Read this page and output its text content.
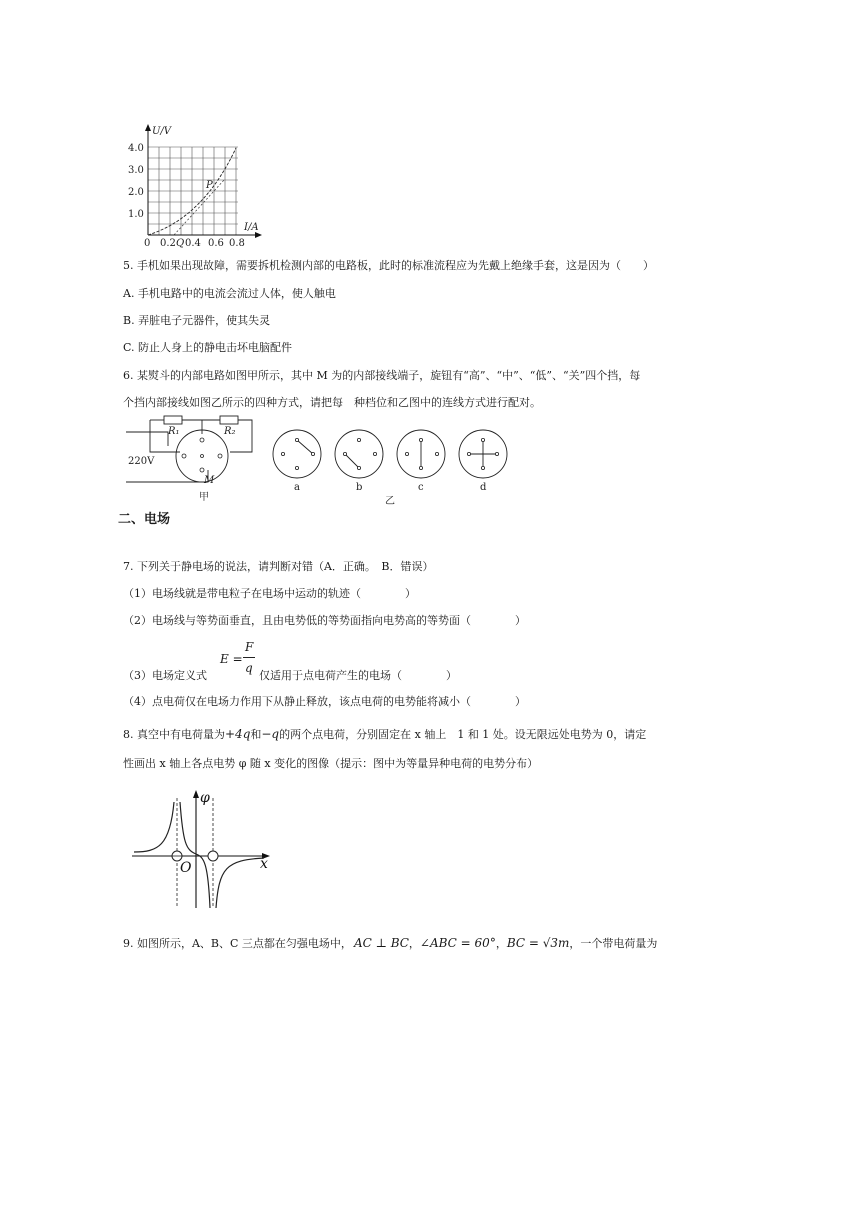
U/V
I/A
4.0
3.0
2.0
1.0
0 0.2 0.4 0.6 0.8
P
Q
5. 手机如果出现故障，需要拆机检测内部的电路板，此时的标准流程应为先戴上绝缘手套，这是因为（　　）
A. 手机电路中的电流会流过人体，使人触电
B. 弄脏电子元器件，使其失灵
C. 防止人身上的静电击坏电脑配件
6. 某熨斗的内部电路如图甲所示，其中 M 为的内部接线端子，旋钮有“高”、“中”、“低”、“关”四个挡，每
个挡内部接线如图乙所示的四种方式，请把每　种档位和乙图中的连线方式进行配对。
R₁	R₂
220V
M
甲
a	b	c	d
乙
二、电场
7. 下列关于静电场的说法，请判断对错（A．正确。　B．错误）
（1）电场线就是带电粒子在电场中运动的轨迹（　　　　）
（2）电场线与等势面垂直，且由电势低的等势面指向电势高的等势面（　　　　）
（3）电场定义式
E =
F
q
仅适用于点电荷产生的电场（　　　　）
（4）点电荷仅在电场力作用下从静止释放，该点电荷的电势能将减小（　　　　）
8. 真空中有电荷量为+4q和−q的两个点电荷，分别固定在 x 轴上　1 和 1 处。设无限远处电势为 0，请定
性画出 x 轴上各点电势 φ 随 x 变化的图像（提示：图中为等量异种电荷的电势分布）
φ
x
O
9. 如图所示，A、B、C 三点都在匀强电场中， AC ⊥ BC，∠ABC = 60°，BC = √3m，一个带电荷量为
